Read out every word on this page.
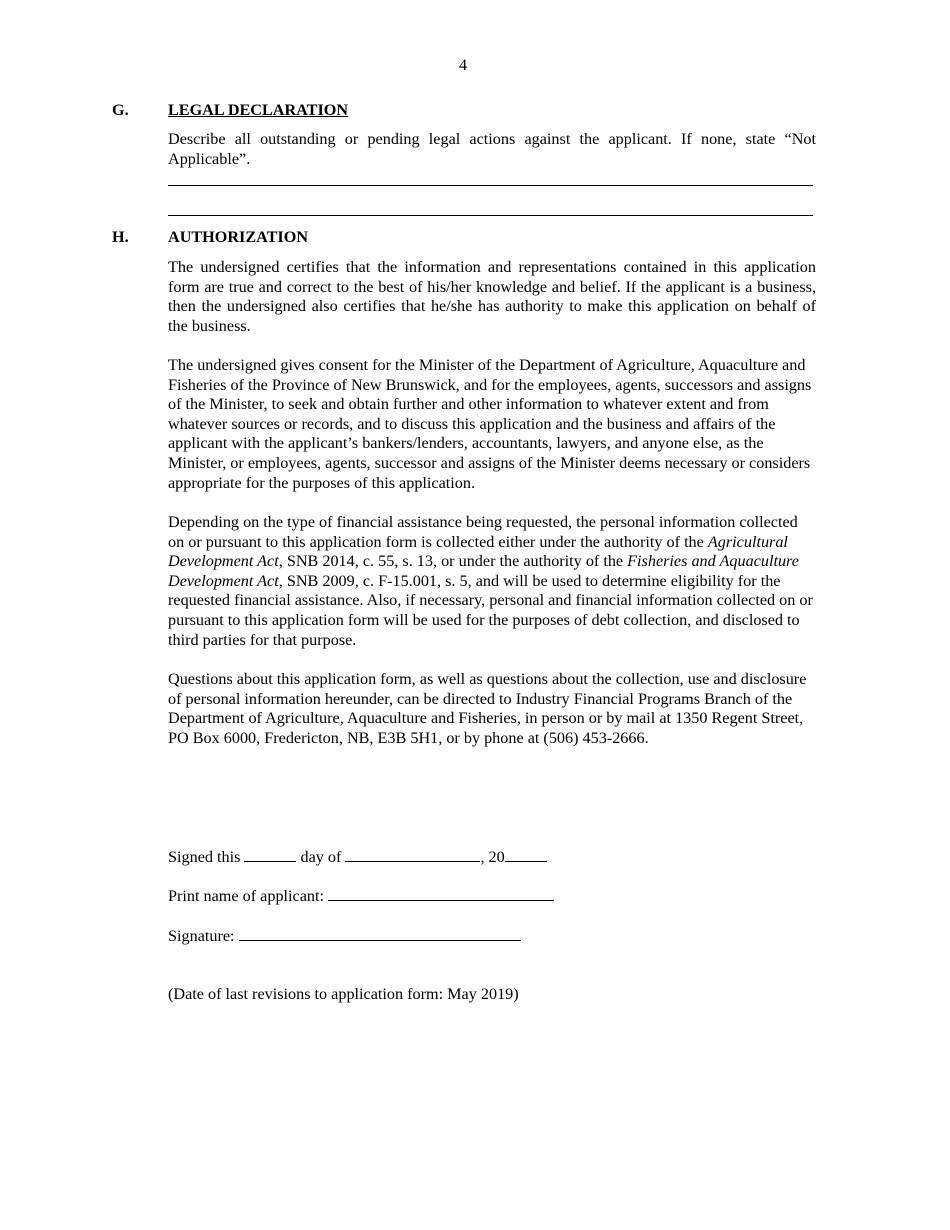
4
G. LEGAL DECLARATION
Describe all outstanding or pending legal actions against the applicant. If none, state “Not Applicable”.
H. AUTHORIZATION
The undersigned certifies that the information and representations contained in this application form are true and correct to the best of his/her knowledge and belief. If the applicant is a business, then the undersigned also certifies that he/she has authority to make this application on behalf of the business.
The undersigned gives consent for the Minister of the Department of Agriculture, Aquaculture and Fisheries of the Province of New Brunswick, and for the employees, agents, successors and assigns of the Minister, to seek and obtain further and other information to whatever extent and from whatever sources or records, and to discuss this application and the business and affairs of the applicant with the applicant’s bankers/lenders, accountants, lawyers, and anyone else, as the Minister, or employees, agents, successor and assigns of the Minister deems necessary or considers appropriate for the purposes of this application.
Depending on the type of financial assistance being requested, the personal information collected on or pursuant to this application form is collected either under the authority of the Agricultural Development Act, SNB 2014, c. 55, s. 13, or under the authority of the Fisheries and Aquaculture Development Act, SNB 2009, c. F-15.001, s. 5, and will be used to determine eligibility for the requested financial assistance. Also, if necessary, personal and financial information collected on or pursuant to this application form will be used for the purposes of debt collection, and disclosed to third parties for that purpose.
Questions about this application form, as well as questions about the collection, use and disclosure of personal information hereunder, can be directed to Industry Financial Programs Branch of the Department of Agriculture, Aquaculture and Fisheries, in person or by mail at 1350 Regent Street, PO Box 6000, Fredericton, NB, E3B 5H1, or by phone at (506) 453-2666.
Signed this	day of	, 20
Print name of applicant:
Signature:
(Date of last revisions to application form: May 2019)
